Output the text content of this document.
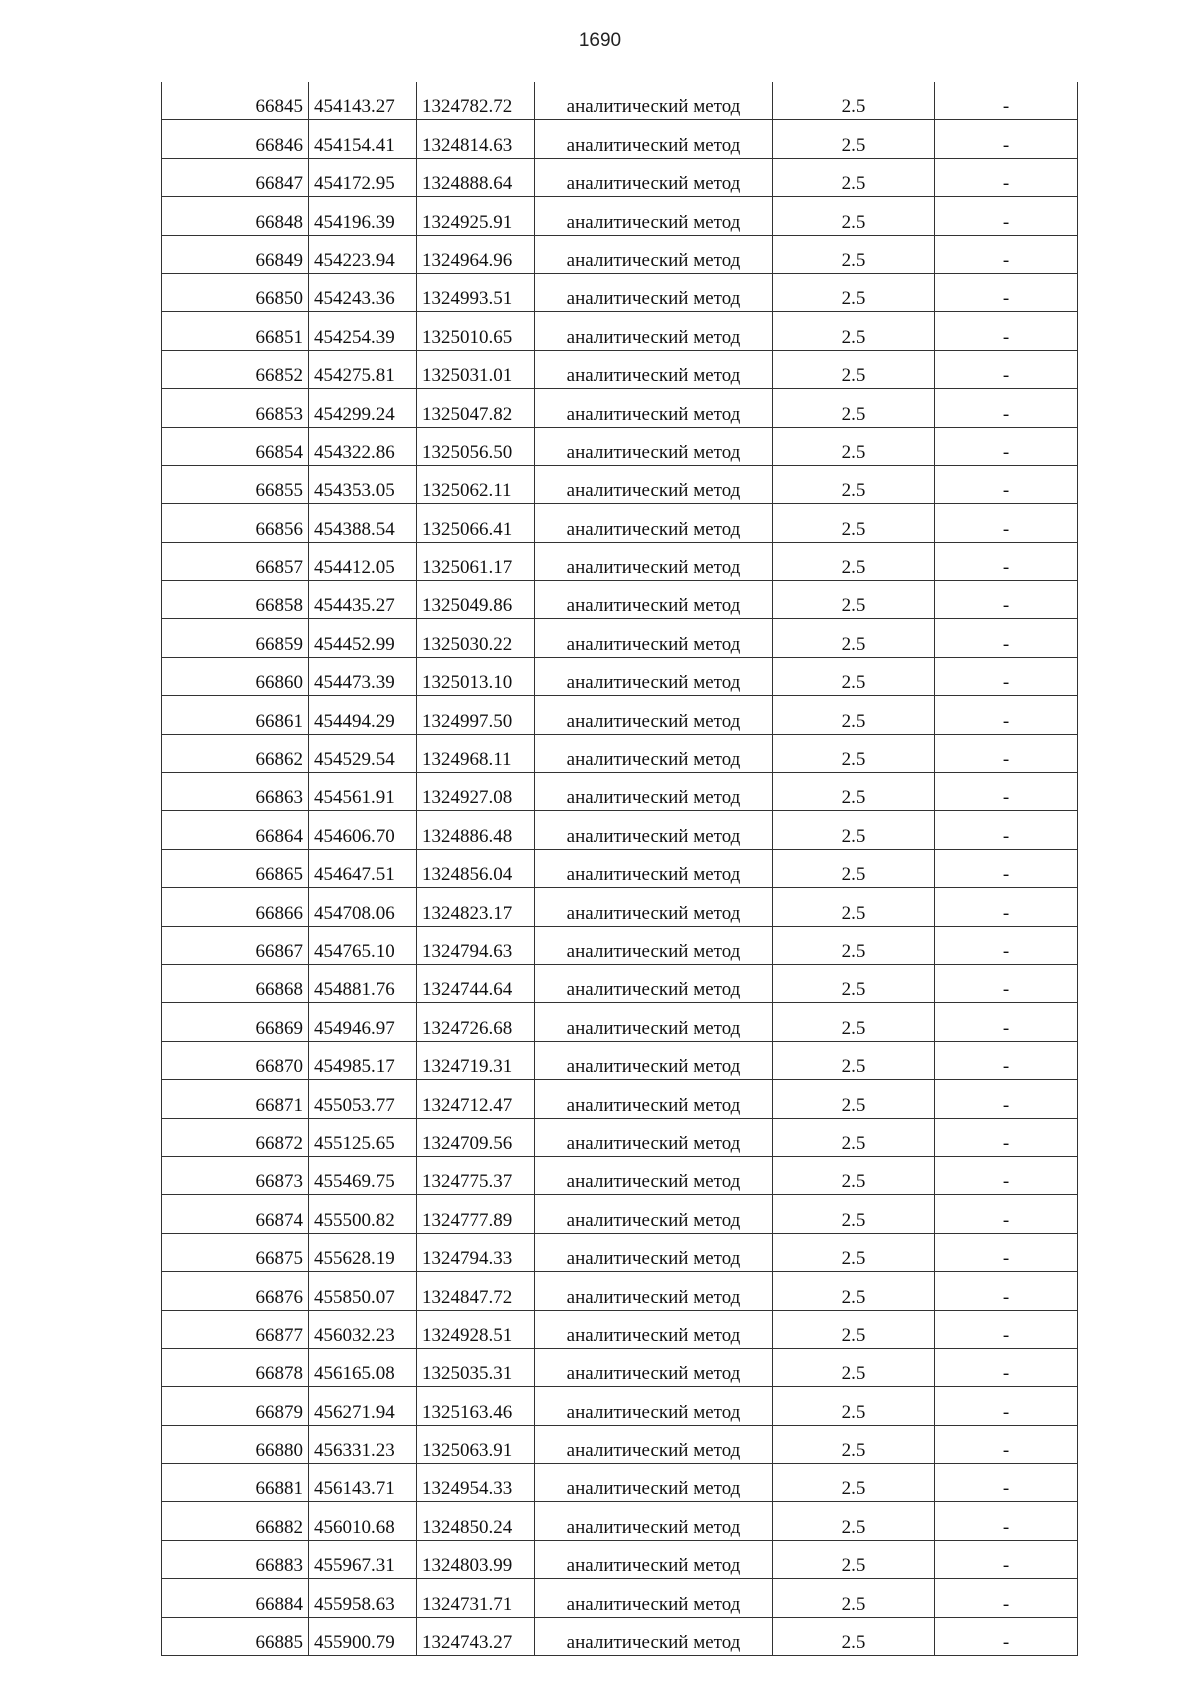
1690
66845	454143.27	1324782.72	аналитический метод	2.5	-
66846	454154.41	1324814.63	аналитический метод	2.5	-
66847	454172.95	1324888.64	аналитический метод	2.5	-
66848	454196.39	1324925.91	аналитический метод	2.5	-
66849	454223.94	1324964.96	аналитический метод	2.5	-
66850	454243.36	1324993.51	аналитический метод	2.5	-
66851	454254.39	1325010.65	аналитический метод	2.5	-
66852	454275.81	1325031.01	аналитический метод	2.5	-
66853	454299.24	1325047.82	аналитический метод	2.5	-
66854	454322.86	1325056.50	аналитический метод	2.5	-
66855	454353.05	1325062.11	аналитический метод	2.5	-
66856	454388.54	1325066.41	аналитический метод	2.5	-
66857	454412.05	1325061.17	аналитический метод	2.5	-
66858	454435.27	1325049.86	аналитический метод	2.5	-
66859	454452.99	1325030.22	аналитический метод	2.5	-
66860	454473.39	1325013.10	аналитический метод	2.5	-
66861	454494.29	1324997.50	аналитический метод	2.5	-
66862	454529.54	1324968.11	аналитический метод	2.5	-
66863	454561.91	1324927.08	аналитический метод	2.5	-
66864	454606.70	1324886.48	аналитический метод	2.5	-
66865	454647.51	1324856.04	аналитический метод	2.5	-
66866	454708.06	1324823.17	аналитический метод	2.5	-
66867	454765.10	1324794.63	аналитический метод	2.5	-
66868	454881.76	1324744.64	аналитический метод	2.5	-
66869	454946.97	1324726.68	аналитический метод	2.5	-
66870	454985.17	1324719.31	аналитический метод	2.5	-
66871	455053.77	1324712.47	аналитический метод	2.5	-
66872	455125.65	1324709.56	аналитический метод	2.5	-
66873	455469.75	1324775.37	аналитический метод	2.5	-
66874	455500.82	1324777.89	аналитический метод	2.5	-
66875	455628.19	1324794.33	аналитический метод	2.5	-
66876	455850.07	1324847.72	аналитический метод	2.5	-
66877	456032.23	1324928.51	аналитический метод	2.5	-
66878	456165.08	1325035.31	аналитический метод	2.5	-
66879	456271.94	1325163.46	аналитический метод	2.5	-
66880	456331.23	1325063.91	аналитический метод	2.5	-
66881	456143.71	1324954.33	аналитический метод	2.5	-
66882	456010.68	1324850.24	аналитический метод	2.5	-
66883	455967.31	1324803.99	аналитический метод	2.5	-
66884	455958.63	1324731.71	аналитический метод	2.5	-
66885	455900.79	1324743.27	аналитический метод	2.5	-
